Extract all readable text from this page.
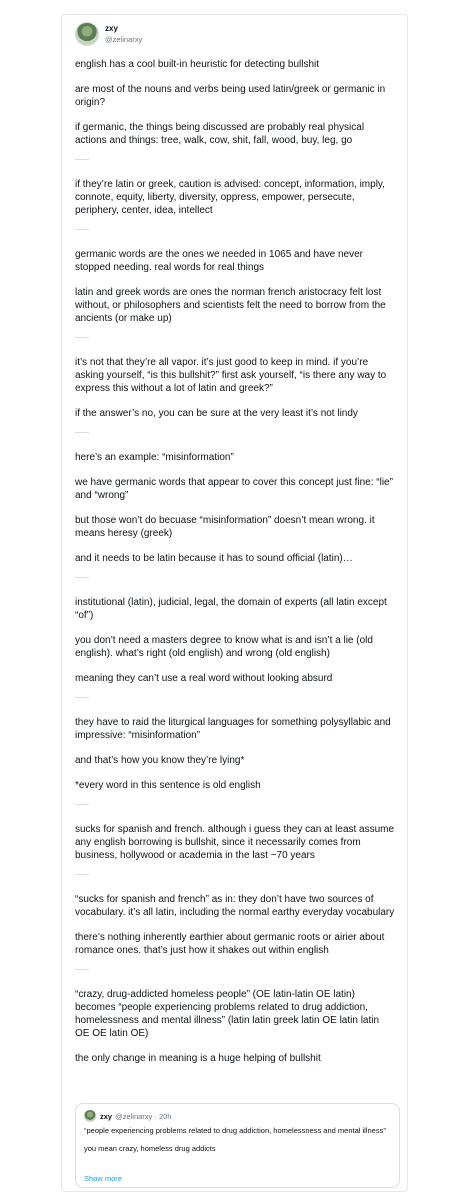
zxy
@zelinarxy
english has a cool built-in heuristic for detecting bullshit
are most of the nouns and verbs being used latin/greek or germanic in origin?
if germanic, the things being discussed are probably real physical actions and things: tree, walk, cow, shit, fall, wood, buy, leg, go
if they’re latin or greek, caution is advised: concept, information, imply, connote, equity, liberty, diversity, oppress, empower, persecute, periphery, center, idea, intellect
germanic words are the ones we needed in 1065 and have never stopped needing. real words for real things
latin and greek words are ones the norman french aristocracy felt lost without, or philosophers and scientists felt the need to borrow from the ancients (or make up)
it’s not that they’re all vapor. it’s just good to keep in mind. if you’re asking yourself, “is this bullshit?” first ask yourself, “is there any way to express this without a lot of latin and greek?”
if the answer’s no, you can be sure at the very least it’s not lindy
here’s an example: “misinformation”
we have germanic words that appear to cover this concept just fine: “lie” and “wrong”
but those won’t do becuase “misinformation” doesn’t mean wrong. it means heresy (greek)
and it needs to be latin because it has to sound official (latin)…
institutional (latin), judicial, legal, the domain of experts (all latin except “of”)
you don’t need a masters degree to know what is and isn’t a lie (old english). what’s right (old english) and wrong (old english)
meaning they can’t use a real word without looking absurd
they have to raid the liturgical languages for something polysyllabic and impressive: “misinformation”
and that’s how you know they’re lying*
*every word in this sentence is old english
sucks for spanish and french. although i guess they can at least assume any english borrowing is bullshit, since it necessarily comes from business, hollywood or academia in the last ~70 years
“sucks for spanish and french” as in: they don’t have two sources of vocabulary. it’s all latin, including the normal earthy everyday vocabulary
there’s nothing inherently earthier about germanic roots or airier about romance ones. that’s just how it shakes out within english
“crazy, drug-addicted homeless people” (OE latin-latin OE latin) becomes “people experiencing problems related to drug addiction, homelessness and mental illness” (latin latin greek latin OE latin latin OE OE latin OE)
the only change in meaning is a huge helping of bullshit
zxy @zelinarxy · 20h
“people experiencing problems related to drug addiction, homelessness and mental illness”
you mean crazy, homeless drug addicts
Show more
